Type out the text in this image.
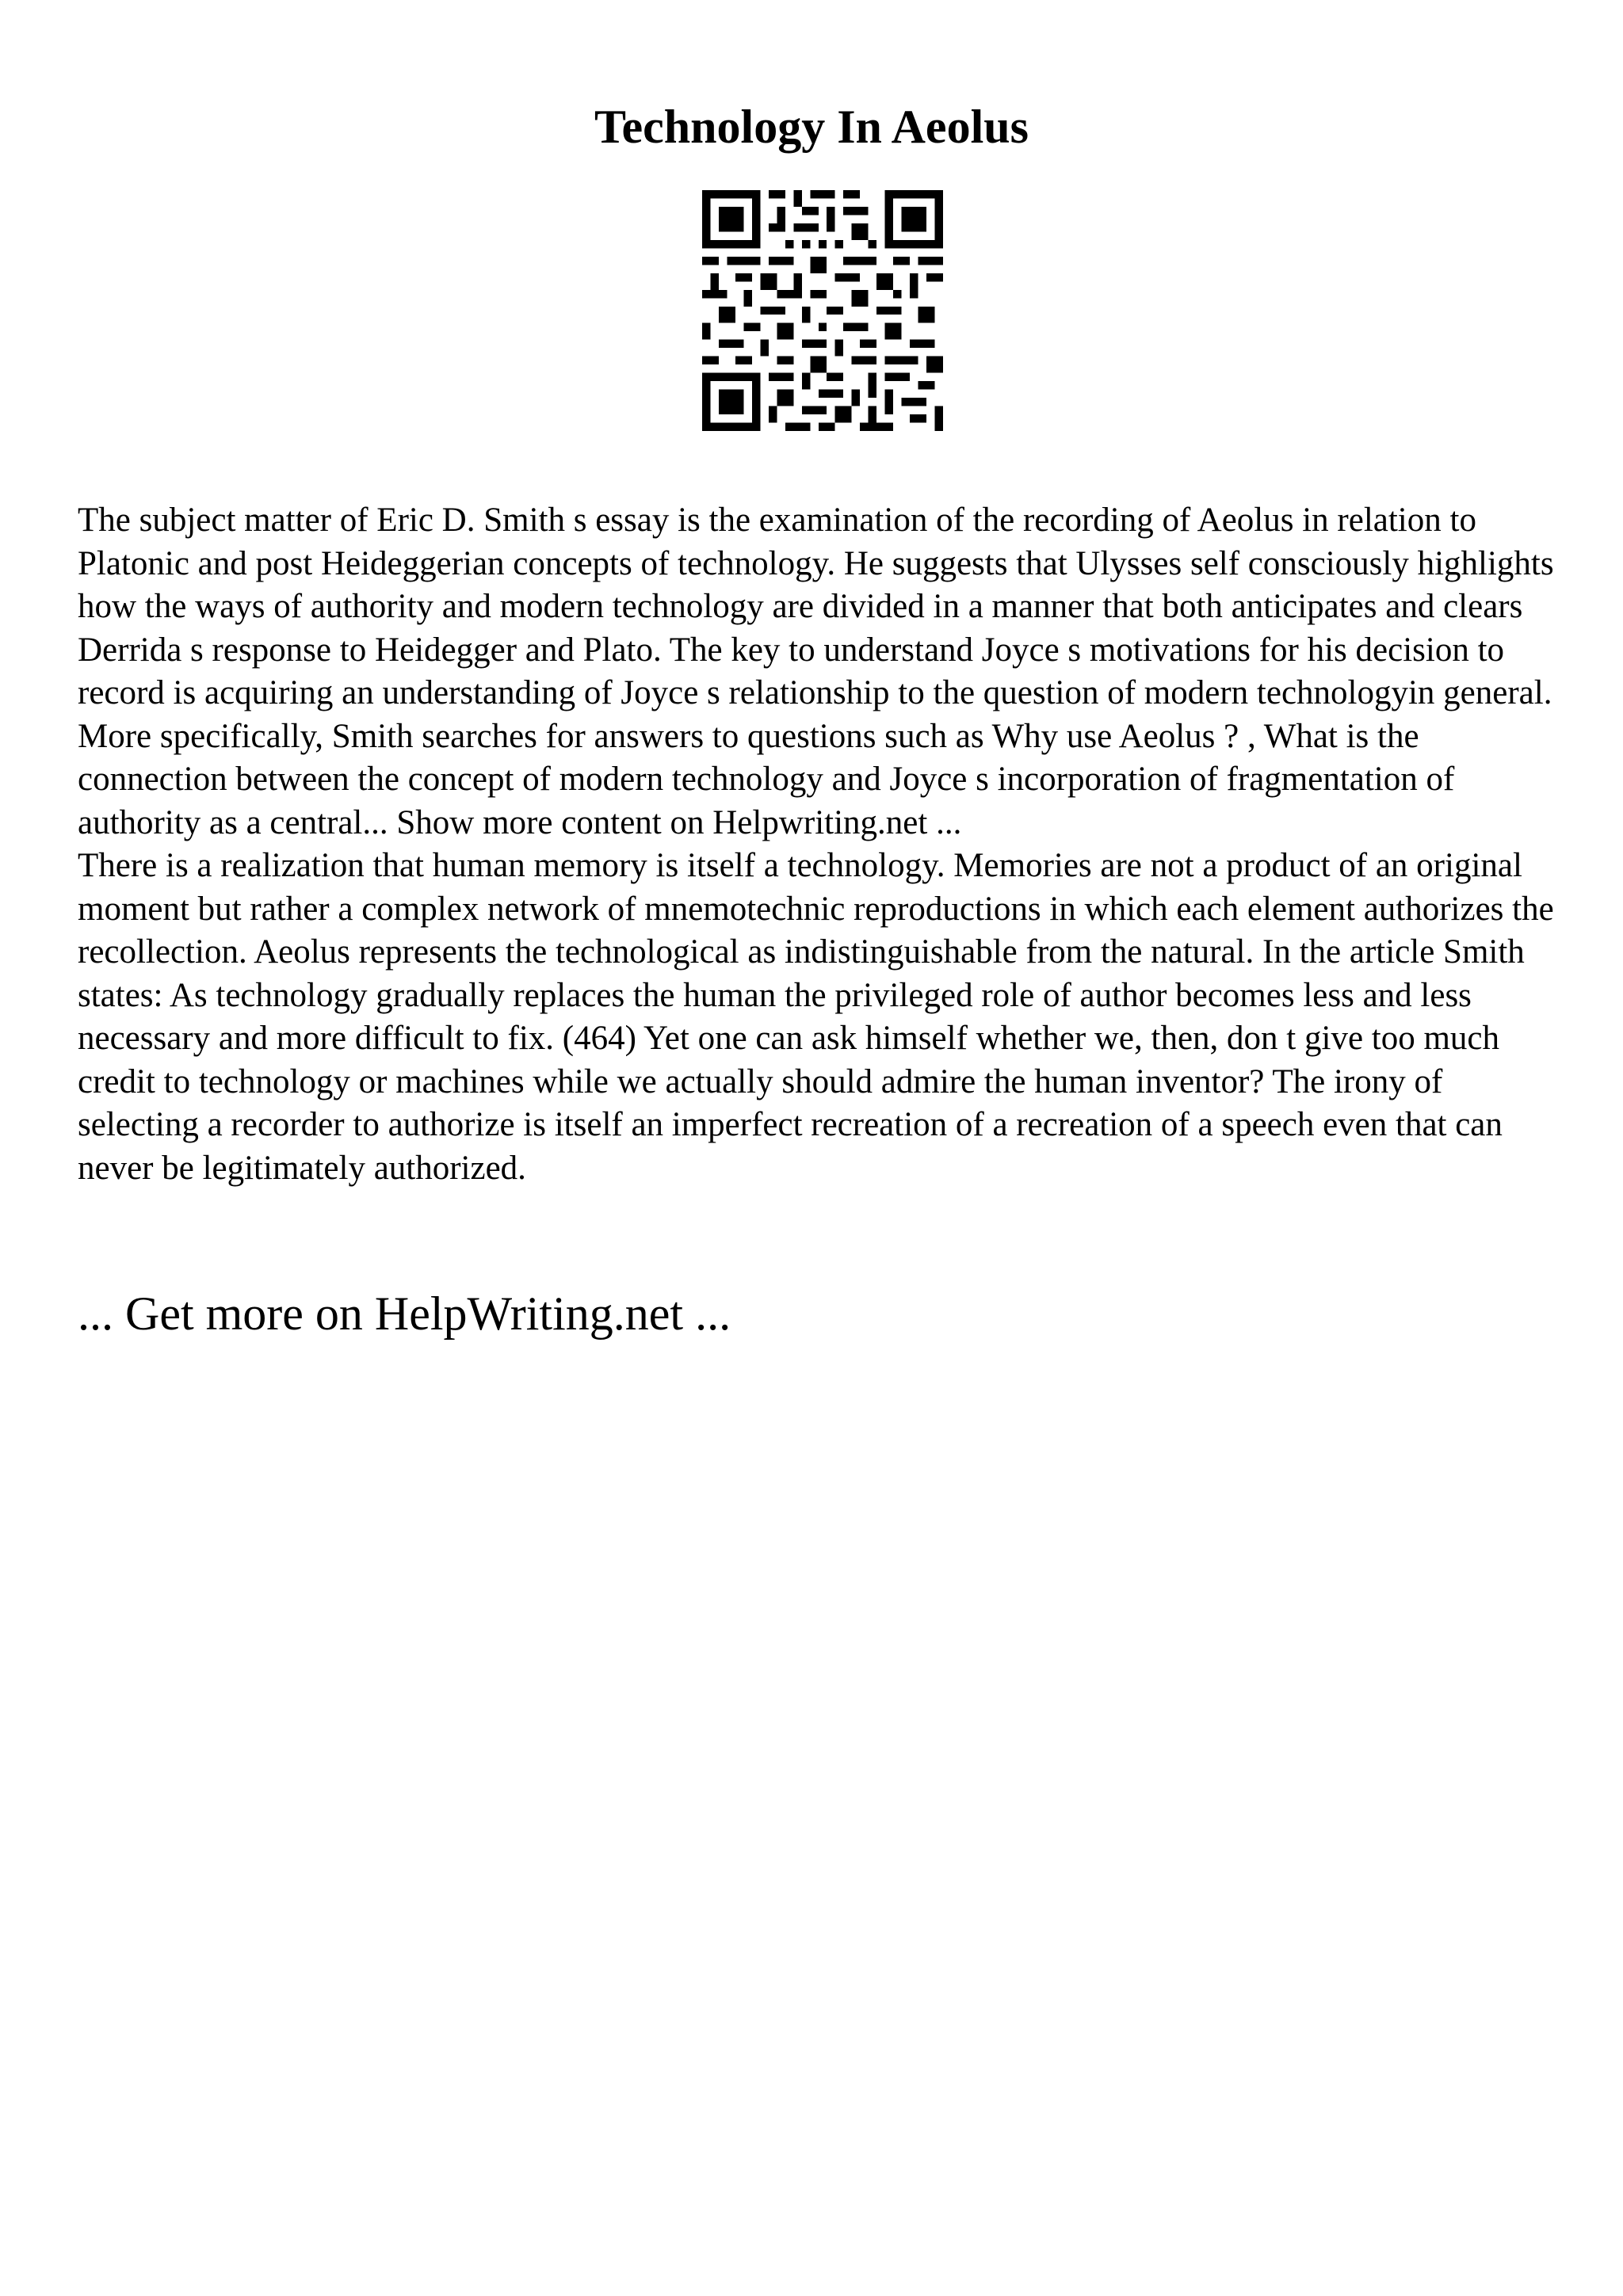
Technology In Aeolus

The subject matter of Eric D. Smith s essay is the examination of the recording of Aeolus in relation to Platonic and post Heideggerian concepts of technology. He suggests that Ulysses self consciously highlights how the ways of authority and modern technology are divided in a manner that both anticipates and clears Derrida s response to Heidegger and Plato. The key to understand Joyce s motivations for his decision to record is acquiring an understanding of Joyce s relationship to the question of modern technologyin general. More specifically, Smith searches for answers to questions such as Why use Aeolus ? , What is the connection between the concept of modern technology and Joyce s incorporation of fragmentation of authority as a central... Show more content on Helpwriting.net ...

There is a realization that human memory is itself a technology. Memories are not a product of an original moment but rather a complex network of mnemotechnic reproductions in which each element authorizes the recollection. Aeolus represents the technological as indistinguishable from the natural. In the article Smith states: As technology gradually replaces the human the privileged role of author becomes less and less necessary and more difficult to fix. (464) Yet one can ask himself whether we, then, don t give too much credit to technology or machines while we actually should admire the human inventor? The irony of selecting a recorder to authorize is itself an imperfect recreation of a recreation of a speech even that can never be legitimately authorized.

... Get more on HelpWriting.net ...
